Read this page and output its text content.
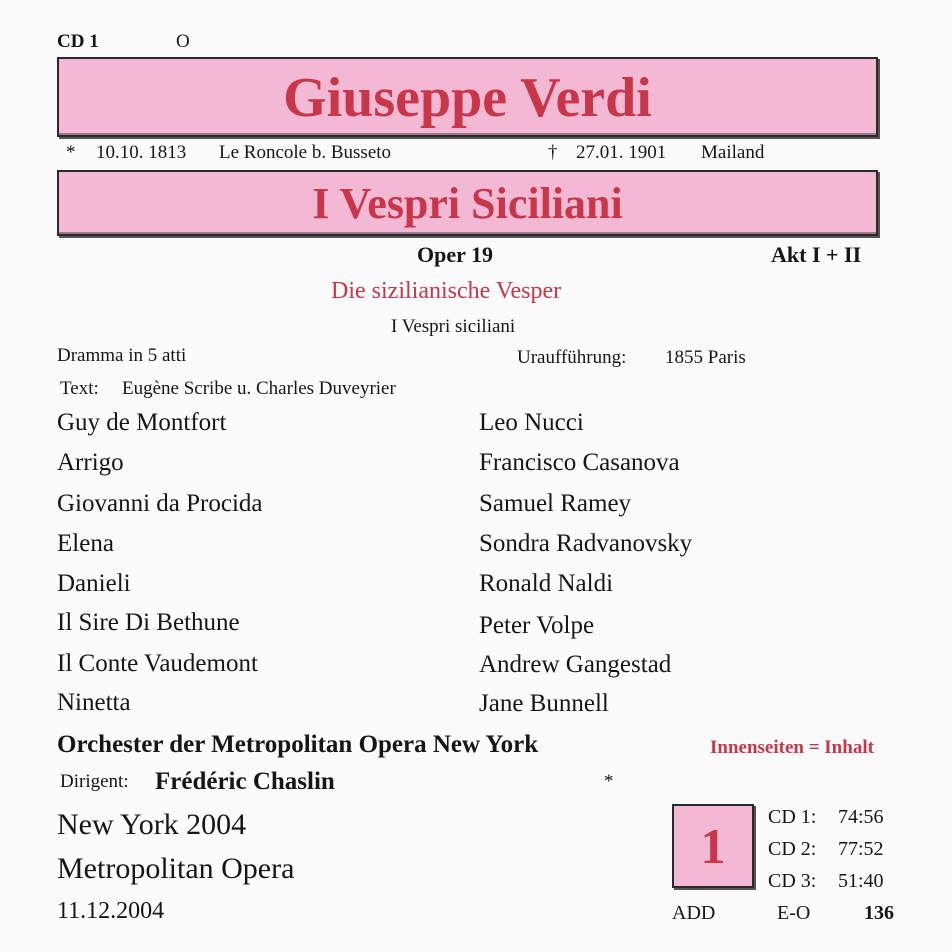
CD 1	O
Giuseppe Verdi
* 10.10. 1813 Le Roncole b. Busseto	† 27.01. 1901 Mailand
I Vespri Siciliani
Oper 19	Akt I + II
Die sizilianische Vesper
I Vespri siciliani
Dramma in 5 atti	Uraufführung: 1855 Paris
Text: Eugène Scribe u. Charles Duveyrier
Guy de Montfort	Leo Nucci
Arrigo	Francisco Casanova
Giovanni da Procida	Samuel Ramey
Elena	Sondra Radvanovsky
Danieli	Ronald Naldi
Il Sire Di Bethune	Peter Volpe
Il Conte Vaudemont	Andrew Gangestad
Ninetta	Jane Bunnell
Orchester der Metropolitan Opera New York	Innenseiten = Inhalt
Dirigent: Frédéric Chaslin	*
New York 2004
Metropolitan Opera
11.12.2004
1
CD 1: 74:56
CD 2: 77:52
CD 3: 51:40
ADD	E-O	136
